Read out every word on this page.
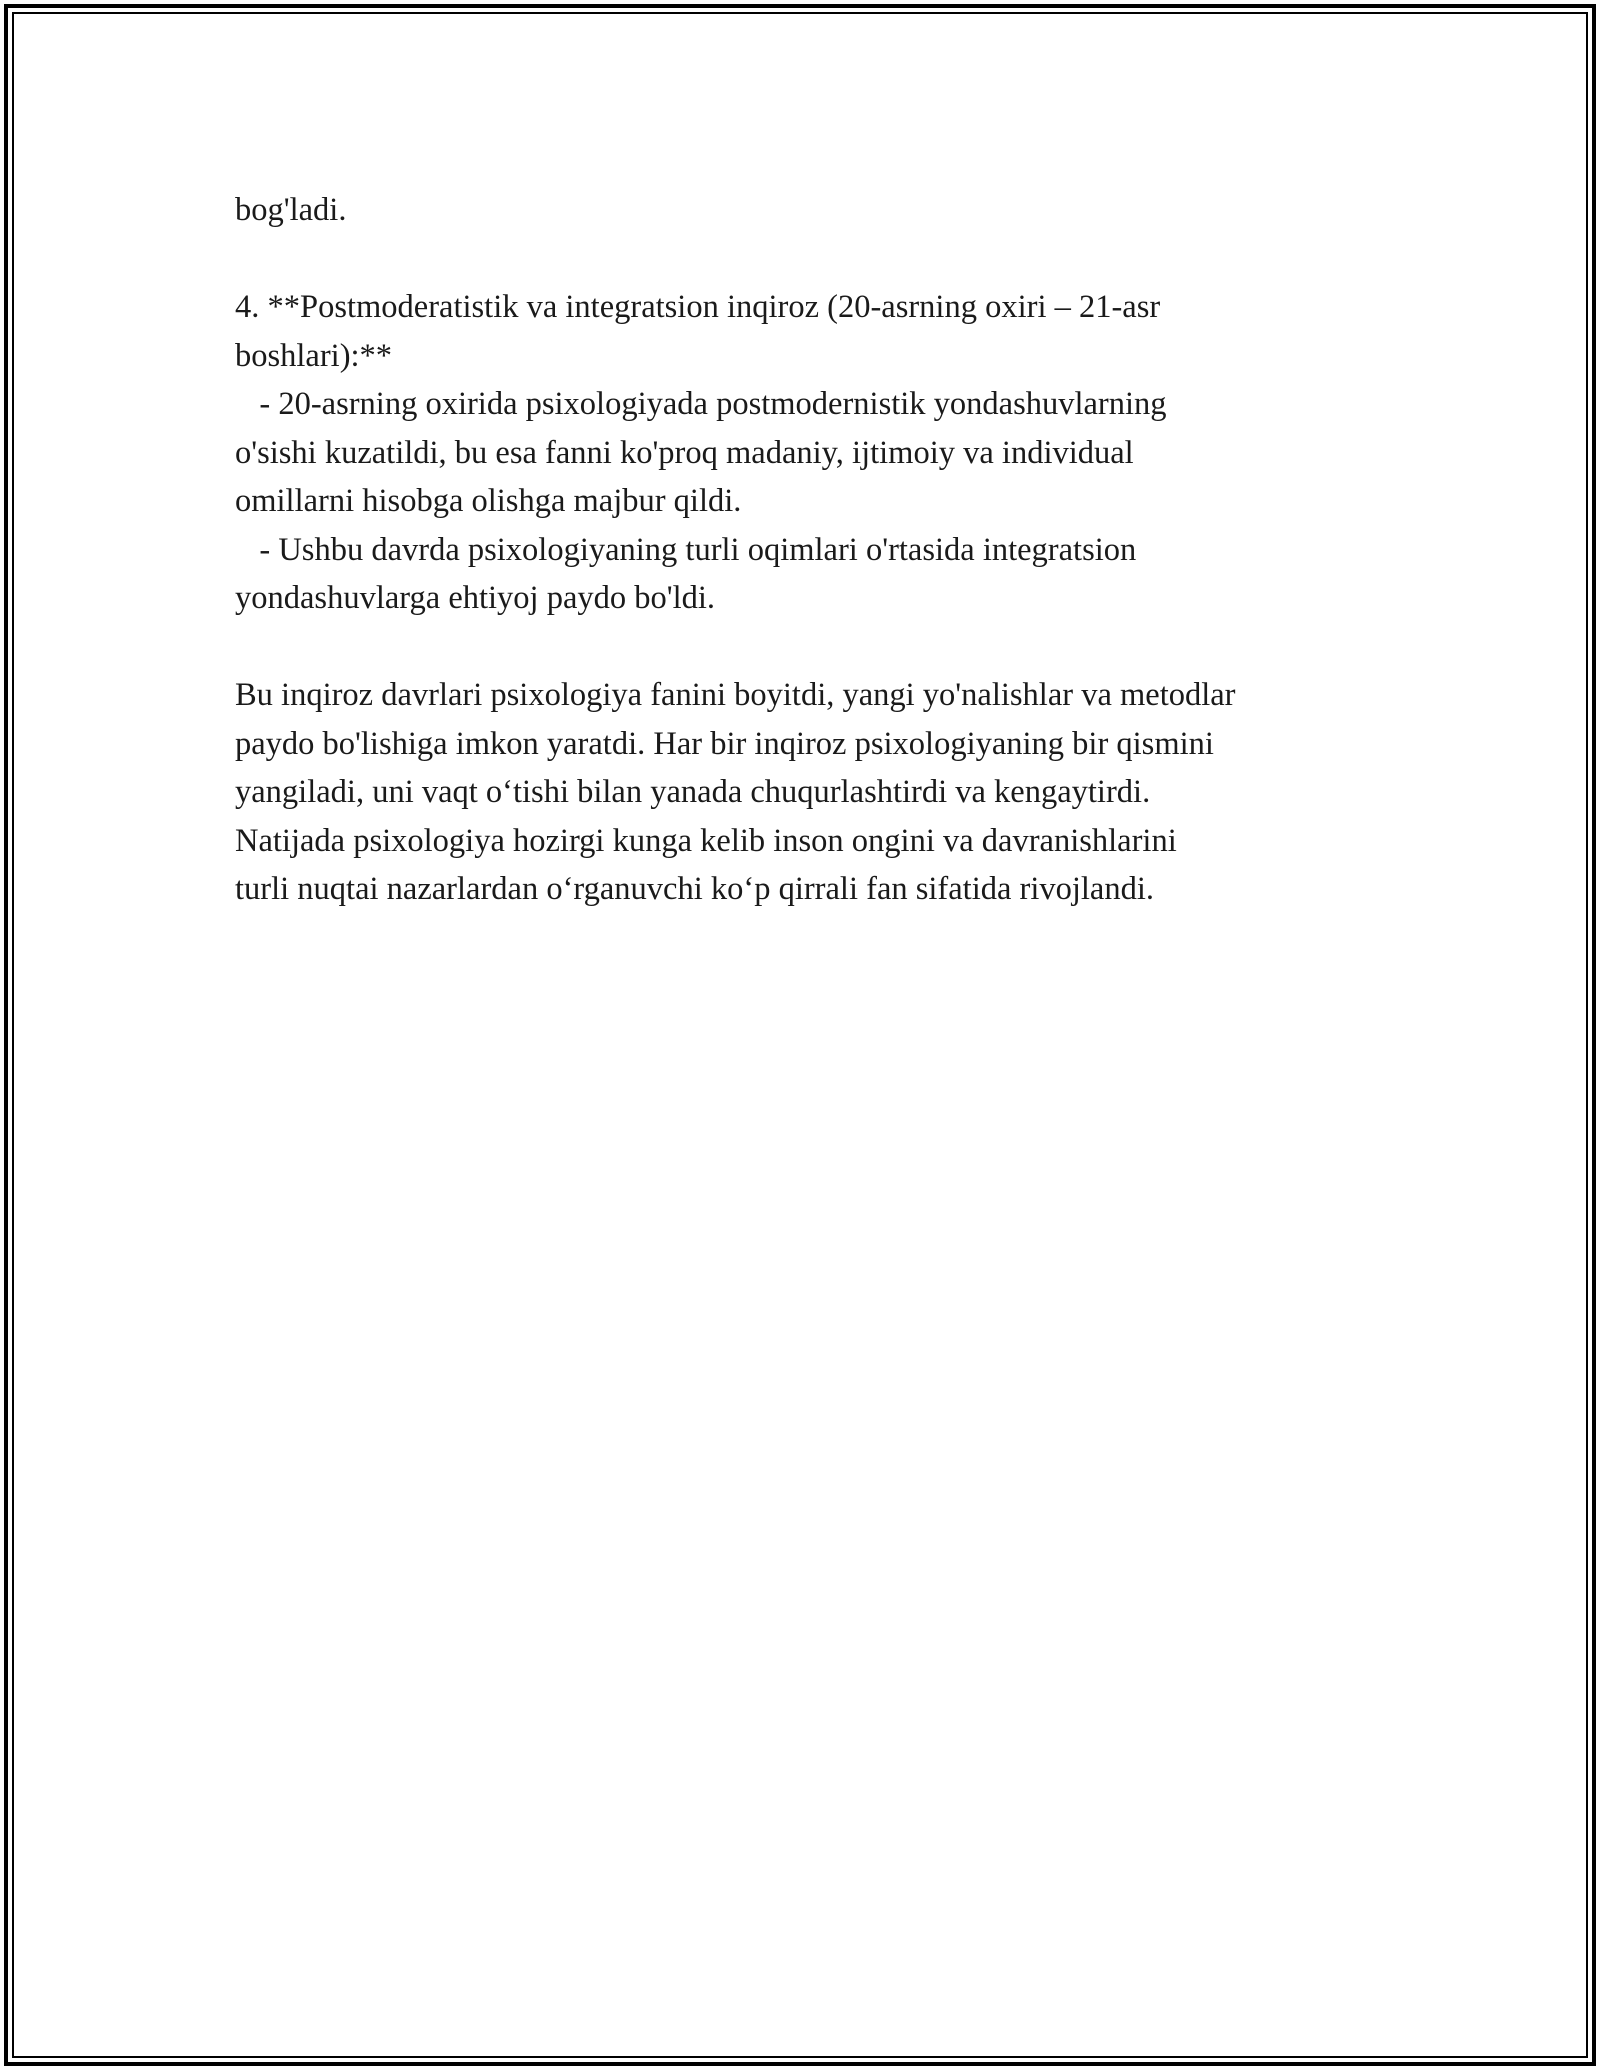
bog'ladi.
4. **Postmoderatistik va integratsion inqiroz (20-asrning oxiri – 21-asr
boshlari):**
- 20-asrning oxirida psixologiyada postmodernistik yondashuvlarning
o'sishi kuzatildi, bu esa fanni ko'proq madaniy, ijtimoiy va individual
omillarni hisobga olishga majbur qildi.
- Ushbu davrda psixologiyaning turli oqimlari o'rtasida integratsion
yondashuvlarga ehtiyoj paydo bo'ldi.
Bu inqiroz davrlari psixologiya fanini boyitdi, yangi yo'nalishlar va metodlar
paydo bo'lishiga imkon yaratdi. Har bir inqiroz psixologiyaning bir qismini
yangiladi, uni vaqt o‘tishi bilan yanada chuqurlashtirdi va kengaytirdi.
Natijada psixologiya hozirgi kunga kelib inson ongini va davranishlarini
turli nuqtai nazarlardan o‘rganuvchi ko‘p qirrali fan sifatida rivojlandi.
